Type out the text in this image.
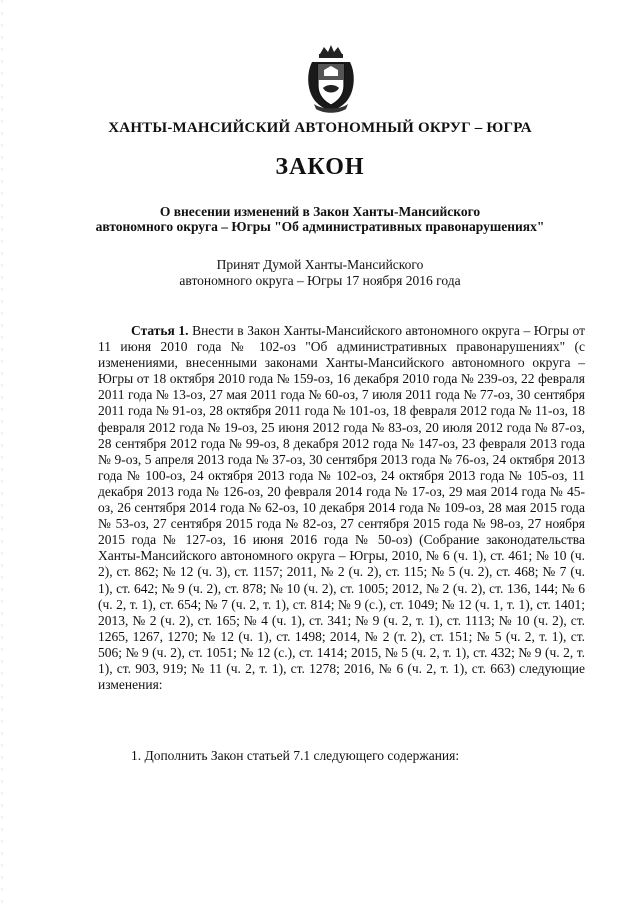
ХАНТЫ-МАНСИЙСКИЙ АВТОНОМНЫЙ ОКРУГ – ЮГРА
ЗАКОН
О внесении изменений в Закон Ханты-Мансийского
автономного округа – Югры "Об административных правонарушениях"
Принят Думой Ханты-Мансийского
автономного округа – Югры 17 ноября 2016 года

Статья 1. Внести в Закон Ханты-Мансийского автономного округа – Югры от 11 июня 2010 года № 102-оз "Об административных правонарушениях" (с изменениями, внесенными законами Ханты-Мансийского автономного округа – Югры от 18 октября 2010 года № 159-оз, 16 декабря 2010 года № 239-оз, 22 февраля 2011 года № 13-оз, 27 мая 2011 года № 60-оз, 7 июля 2011 года № 77-оз, 30 сентября 2011 года № 91-оз, 28 октября 2011 года № 101-оз, 18 февраля 2012 года № 11-оз, 18 февраля 2012 года № 19-оз, 25 июня 2012 года № 83-оз, 20 июля 2012 года № 87-оз, 28 сентября 2012 года № 99-оз, 8 декабря 2012 года № 147-оз, 23 февраля 2013 года № 9-оз, 5 апреля 2013 года № 37-оз, 30 сентября 2013 года № 76-оз, 24 октября 2013 года № 100-оз, 24 октября 2013 года № 102-оз, 24 октября 2013 года № 105-оз, 11 декабря 2013 года № 126-оз, 20 февраля 2014 года № 17-оз, 29 мая 2014 года № 45-оз, 26 сентября 2014 года № 62-оз, 10 декабря 2014 года № 109-оз, 28 мая 2015 года № 53-оз, 27 сентября 2015 года № 82-оз, 27 сентября 2015 года № 98-оз, 27 ноября 2015 года № 127-оз, 16 июня 2016 года № 50-оз) (Собрание законодательства Ханты-Мансийского автономного округа – Югры, 2010, № 6 (ч. 1), ст. 461; № 10 (ч. 2), ст. 862; № 12 (ч. 3), ст. 1157; 2011, № 2 (ч. 2), ст. 115; № 5 (ч. 2), ст. 468; № 7 (ч. 1), ст. 642; № 9 (ч. 2), ст. 878; № 10 (ч. 2), ст. 1005; 2012, № 2 (ч. 2), ст. 136, 144; № 6 (ч. 2, т. 1), ст. 654; № 7 (ч. 2, т. 1), ст. 814; № 9 (с.), ст. 1049; № 12 (ч. 1, т. 1), ст. 1401; 2013, № 2 (ч. 2), ст. 165; № 4 (ч. 1), ст. 341; № 9 (ч. 2, т. 1), ст. 1113; № 10 (ч. 2), ст. 1265, 1267, 1270; № 12 (ч. 1), ст. 1498; 2014, № 2 (т. 2), ст. 151; № 5 (ч. 2, т. 1), ст. 506; № 9 (ч. 2), ст. 1051; № 12 (с.), ст. 1414; 2015, № 5 (ч. 2, т. 1), ст. 432; № 9 (ч. 2, т. 1), ст. 903, 919; № 11 (ч. 2, т. 1), ст. 1278; 2016, № 6 (ч. 2, т. 1), ст. 663) следующие изменения:

1. Дополнить Закон статьей 7.1 следующего содержания:
